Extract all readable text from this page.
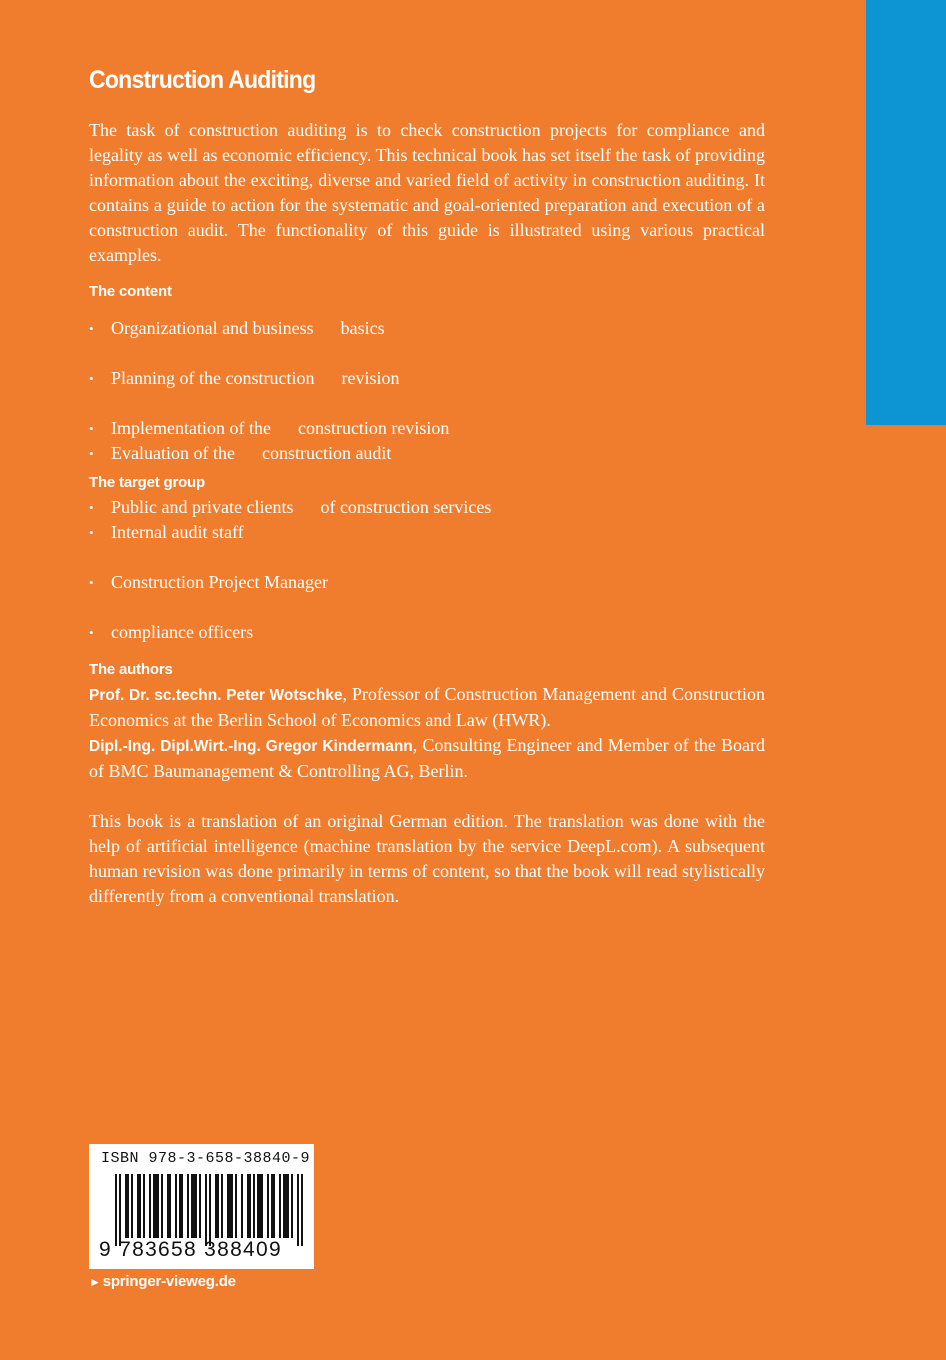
Construction Auditing

The task of construction auditing is to check construction projects for compliance and legality as well as economic efficiency. This technical book has set itself the task of providing information about the exciting, diverse and varied field of activity in construction auditing. It contains a guide to action for the systematic and goal-oriented preparation and execution of a construction audit. The functionality of this guide is illustrated using various practical examples.

The content
• Organizational and business      basics
• Planning of the construction      revision
• Implementation of the      construction revision
• Evaluation of the      construction audit
The target group
• Public and private clients      of construction services
• Internal audit staff
• Construction Project Manager
• compliance officers
The authors

Prof. Dr. sc.techn. Peter Wotschke, Professor of Construction Management and Construction Economics at the Berlin School of Economics and Law (HWR).

Dipl.-Ing. Dipl.Wirt.-Ing. Gregor Kindermann, Consulting Engineer and Member of the Board of BMC Baumanagement & Controlling AG, Berlin.

This book is a translation of an original German edition. The translation was done with the help of artificial intelligence (machine translation by the service DeepL.com). A subsequent human revision was done primarily in terms of content, so that the book will read stylistically differently from a conventional translation.

ISBN 978-3-658-38840-9
9 783658 388409
► springer-vieweg.de
